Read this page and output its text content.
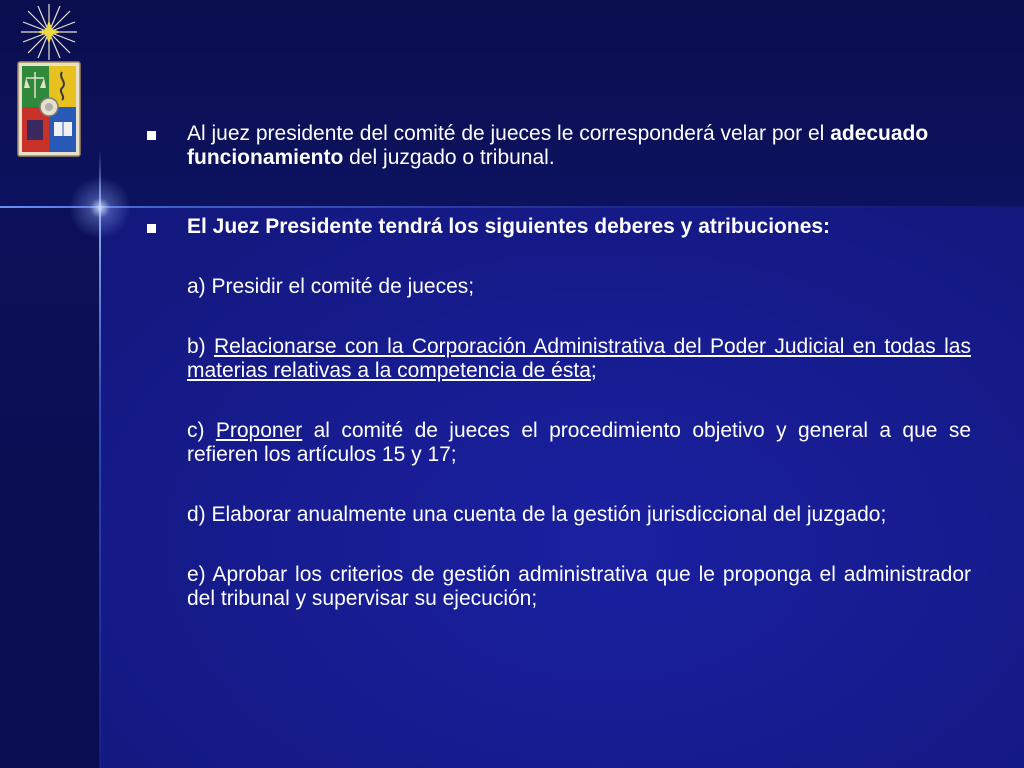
Al juez presidente del comité de jueces le corresponderá velar por el adecuado funcionamiento del juzgado o tribunal.

El Juez Presidente tendrá los siguientes deberes y atribuciones:

a) Presidir el comité de jueces;

b) Relacionarse con la Corporación Administrativa del Poder Judicial en todas las materias relativas a la competencia de ésta;

c) Proponer al comité de jueces el procedimiento objetivo y general a que se refieren los artículos 15 y 17;

d) Elaborar anualmente una cuenta de la gestión jurisdiccional del juzgado;

e) Aprobar los criterios de gestión administrativa que le proponga el administrador del tribunal y supervisar su ejecución;
